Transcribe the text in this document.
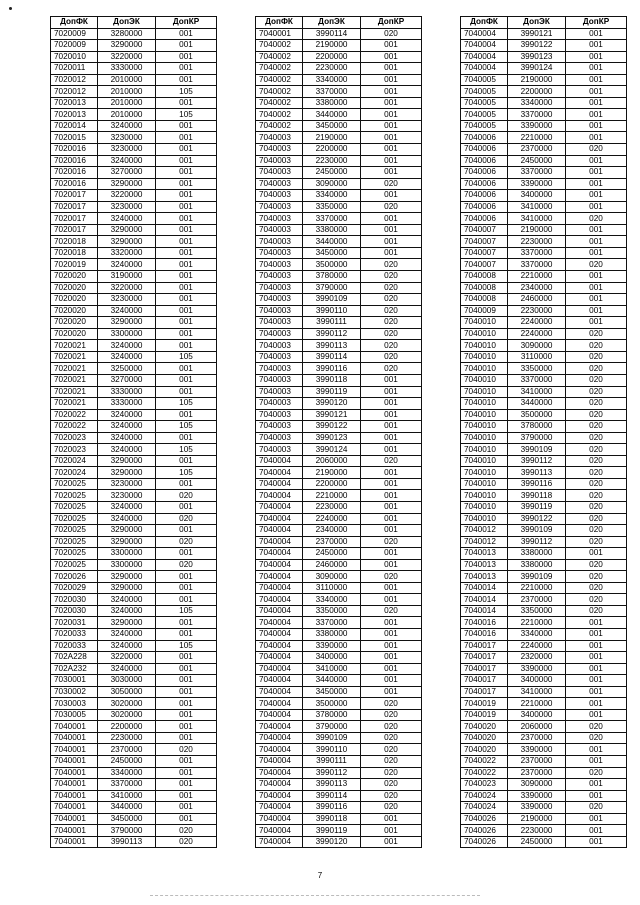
ДопФК	ДопЭК	ДопКР
7020009	3280000	001
7020009	3290000	001
7020010	3220000	001
7020011	3330000	001
7020012	2010000	001
7020012	2010000	105
7020013	2010000	001
7020013	2010000	105
7020014	3240000	001
7020015	3230000	001
7020016	3230000	001
7020016	3240000	001
7020016	3270000	001
7020016	3290000	001
7020017	3220000	001
7020017	3230000	001
7020017	3240000	001
7020017	3290000	001
7020018	3290000	001
7020018	3320000	001
7020019	3240000	001
7020020	3190000	001
7020020	3220000	001
7020020	3230000	001
7020020	3240000	001
7020020	3290000	001
7020020	3300000	001
7020021	3240000	001
7020021	3240000	105
7020021	3250000	001
7020021	3270000	001
7020021	3330000	001
7020021	3330000	105
7020022	3240000	001
7020022	3240000	105
7020023	3240000	001
7020023	3240000	105
7020024	3290000	001
7020024	3290000	105
7020025	3230000	001
7020025	3230000	020
7020025	3240000	001
7020025	3240000	020
7020025	3290000	001
7020025	3290000	020
7020025	3300000	001
7020025	3300000	020
7020026	3290000	001
7020029	3290000	001
7020030	3240000	001
7020030	3240000	105
7020031	3290000	001
7020033	3240000	001
7020033	3240000	105
702A228	3220000	001
702A232	3240000	001
7030001	3030000	001
7030002	3050000	001
7030003	3020000	001
7030005	3020000	001
7040001	2200000	001
7040001	2230000	001
7040001	2370000	020
7040001	2450000	001
7040001	3340000	001
7040001	3370000	001
7040001	3410000	001
7040001	3440000	001
7040001	3450000	001
7040001	3790000	020
7040001	3990113	020
ДопФК	ДопЭК	ДопКР
7040001	3990114	020
7040002	2190000	001
7040002	2200000	001
7040002	2230000	001
7040002	3340000	001
7040002	3370000	001
7040002	3380000	001
7040002	3440000	001
7040002	3450000	001
7040003	2190000	001
7040003	2200000	001
7040003	2230000	001
7040003	2450000	001
7040003	3090000	020
7040003	3340000	001
7040003	3350000	020
7040003	3370000	001
7040003	3380000	001
7040003	3440000	001
7040003	3450000	001
7040003	3500000	020
7040003	3780000	020
7040003	3790000	020
7040003	3990109	020
7040003	3990110	020
7040003	3990111	020
7040003	3990112	020
7040003	3990113	020
7040003	3990114	020
7040003	3990116	020
7040003	3990118	001
7040003	3990119	001
7040003	3990120	001
7040003	3990121	001
7040003	3990122	001
7040003	3990123	001
7040003	3990124	001
7040004	2060000	020
7040004	2190000	001
7040004	2200000	001
7040004	2210000	001
7040004	2230000	001
7040004	2240000	001
7040004	2340000	001
7040004	2370000	020
7040004	2450000	001
7040004	2460000	001
7040004	3090000	020
7040004	3110000	001
7040004	3340000	001
7040004	3350000	020
7040004	3370000	001
7040004	3380000	001
7040004	3390000	001
7040004	3400000	001
7040004	3410000	001
7040004	3440000	001
7040004	3450000	001
7040004	3500000	020
7040004	3780000	020
7040004	3790000	020
7040004	3990109	020
7040004	3990110	020
7040004	3990111	020
7040004	3990112	020
7040004	3990113	020
7040004	3990114	020
7040004	3990116	020
7040004	3990118	001
7040004	3990119	001
7040004	3990120	001
ДопФК	ДопЭК	ДопКР
7040004	3990121	001
7040004	3990122	001
7040004	3990123	001
7040004	3990124	001
7040005	2190000	001
7040005	2200000	001
7040005	3340000	001
7040005	3370000	001
7040005	3390000	001
7040006	2210000	001
7040006	2370000	020
7040006	2450000	001
7040006	3370000	001
7040006	3390000	001
7040006	3400000	001
7040006	3410000	001
7040006	3410000	020
7040007	2190000	001
7040007	2230000	001
7040007	3370000	001
7040007	3370000	020
7040008	2210000	001
7040008	2340000	001
7040008	2460000	001
7040009	2230000	001
7040010	2240000	001
7040010	2240000	020
7040010	3090000	020
7040010	3110000	020
7040010	3350000	020
7040010	3370000	020
7040010	3410000	020
7040010	3440000	020
7040010	3500000	020
7040010	3780000	020
7040010	3790000	020
7040010	3990109	020
7040010	3990112	020
7040010	3990113	020
7040010	3990116	020
7040010	3990118	020
7040010	3990119	020
7040010	3990122	020
7040012	3990109	020
7040012	3990112	020
7040013	3380000	001
7040013	3380000	020
7040013	3990109	020
7040014	2210000	020
7040014	2370000	020
7040014	3350000	020
7040016	2210000	001
7040016	3340000	001
7040017	2240000	001
7040017	2320000	001
7040017	3390000	001
7040017	3400000	001
7040017	3410000	001
7040019	2210000	001
7040019	3400000	001
7040020	2060000	020
7040020	2370000	020
7040020	3390000	001
7040022	2370000	001
7040022	2370000	020
7040023	3090000	001
7040024	3390000	001
7040024	3390000	020
7040026	2190000	001
7040026	2230000	001
7040026	2450000	001
7
